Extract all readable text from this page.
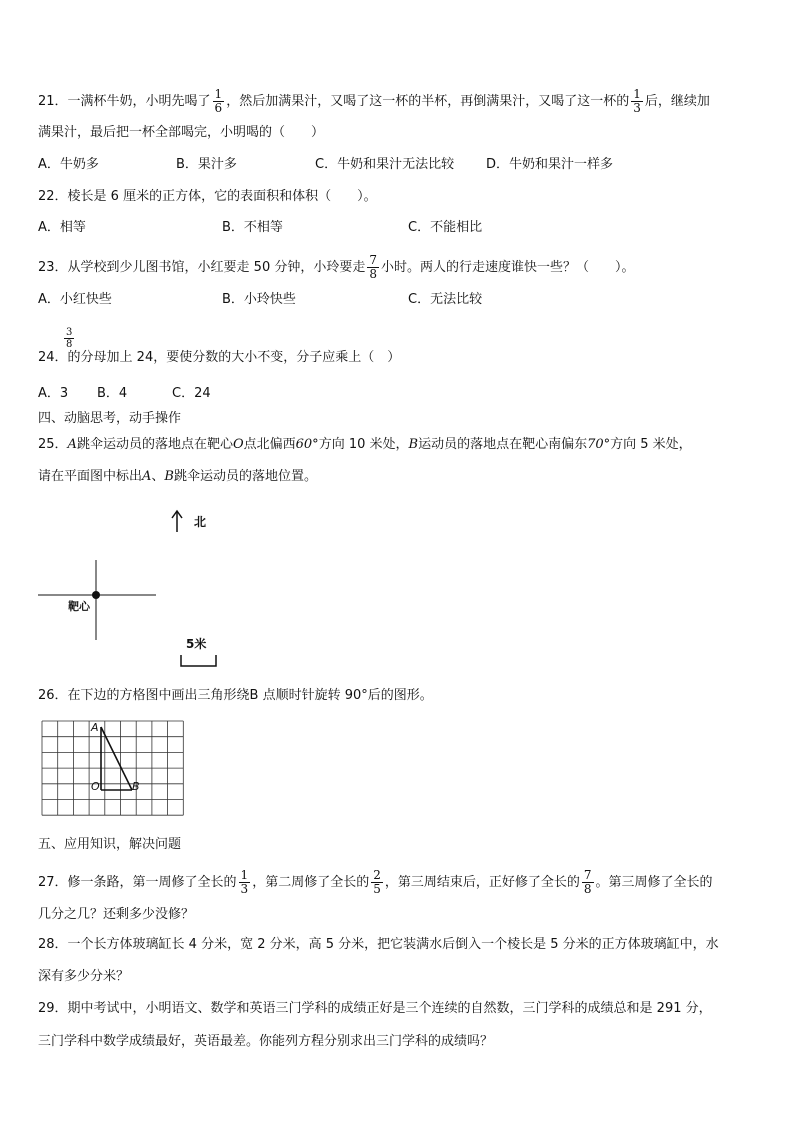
21．一满杯牛奶，小明先喝了 $\frac{1}{6}$ ，然后加满果汁，又喝了这一杯的半杯，再倒满果汁，又喝了这一杯的 $\frac{1}{3}$ 后，继续加
满果汁，最后把一杯全部喝完，小明喝的（　　）
A．牛奶多	B．果汁多	C．牛奶和果汁无法比较 D．牛奶和果汁一样多
22．棱长是 6 厘米的正方体，它的表面积和体积（　　）。
A．相等	B．不相等	C．不能相比
23．从学校到少儿图书馆，小红要走 50 分钟，小玲要走 $\frac{7}{8}$ 小时。两人的行走速度谁快一些？（　　）。
A．小红快些	B．小玲快些	C．无法比较
$\frac{3}{8}$
24．的分母加上 24，要使分数的大小不变，分子应乘上（　）
A．3 B．4	C．24
四、动脑思考，动手操作
25．A跳伞运动员的落地点在靶心O点北偏西60°方向 10 米处，B运动员的落地点在靶心南偏东70°方向 5 米处，
请在平面图中标出A、B跳伞运动员的落地位置。
北
靶心
5米
26．在下边的方格图中画出三角形绕B 点顺时针旋转 90°后的图形。
A
O	B
五、应用知识，解决问题
27．修一条路，第一周修了全长的 $\frac{1}{3}$ ，第二周修了全长的 $\frac{2}{5}$ ，第三周结束后，正好修了全长的 $\frac{7}{8}$ 。第三周修了全长的
几分之几？还剩多少没修？
28．一个长方体玻璃缸长 4 分米，宽 2 分米，高 5 分米，把它装满水后倒入一个棱长是 5 分米的正方体玻璃缸中，水
深有多少分米？
29．期中考试中，小明语文、数学和英语三门学科的成绩正好是三个连续的自然数，三门学科的成绩总和是 291 分，
三门学科中数学成绩最好，英语最差。你能列方程分别求出三门学科的成绩吗？
